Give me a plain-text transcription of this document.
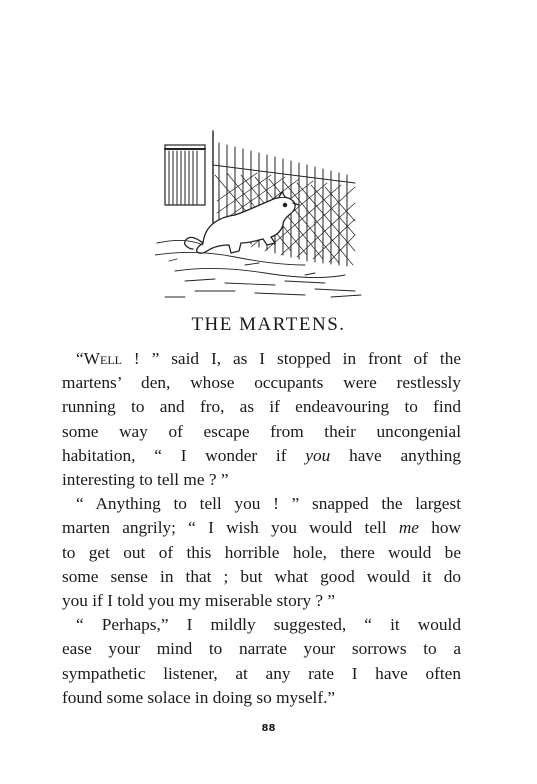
THE MARTENS.
“Well ! ” said I, as I stopped in front of the
martens’ den, whose occupants were restlessly
running to and fro, as if endeavouring to find
some way of escape from their uncongenial
habitation, “ I wonder if you have anything
interesting to tell me ? ”
“ Anything to tell you ! ” snapped the largest
marten angrily; “ I wish you would tell me how
to get out of this horrible hole, there would be
some sense in that ; but what good would it do
you if I told you my miserable story ? ”
“ Perhaps,” I mildly suggested, “ it would
ease your mind to narrate your sorrows to a
sympathetic listener, at any rate I have often
found some solace in doing so myself.”
88
